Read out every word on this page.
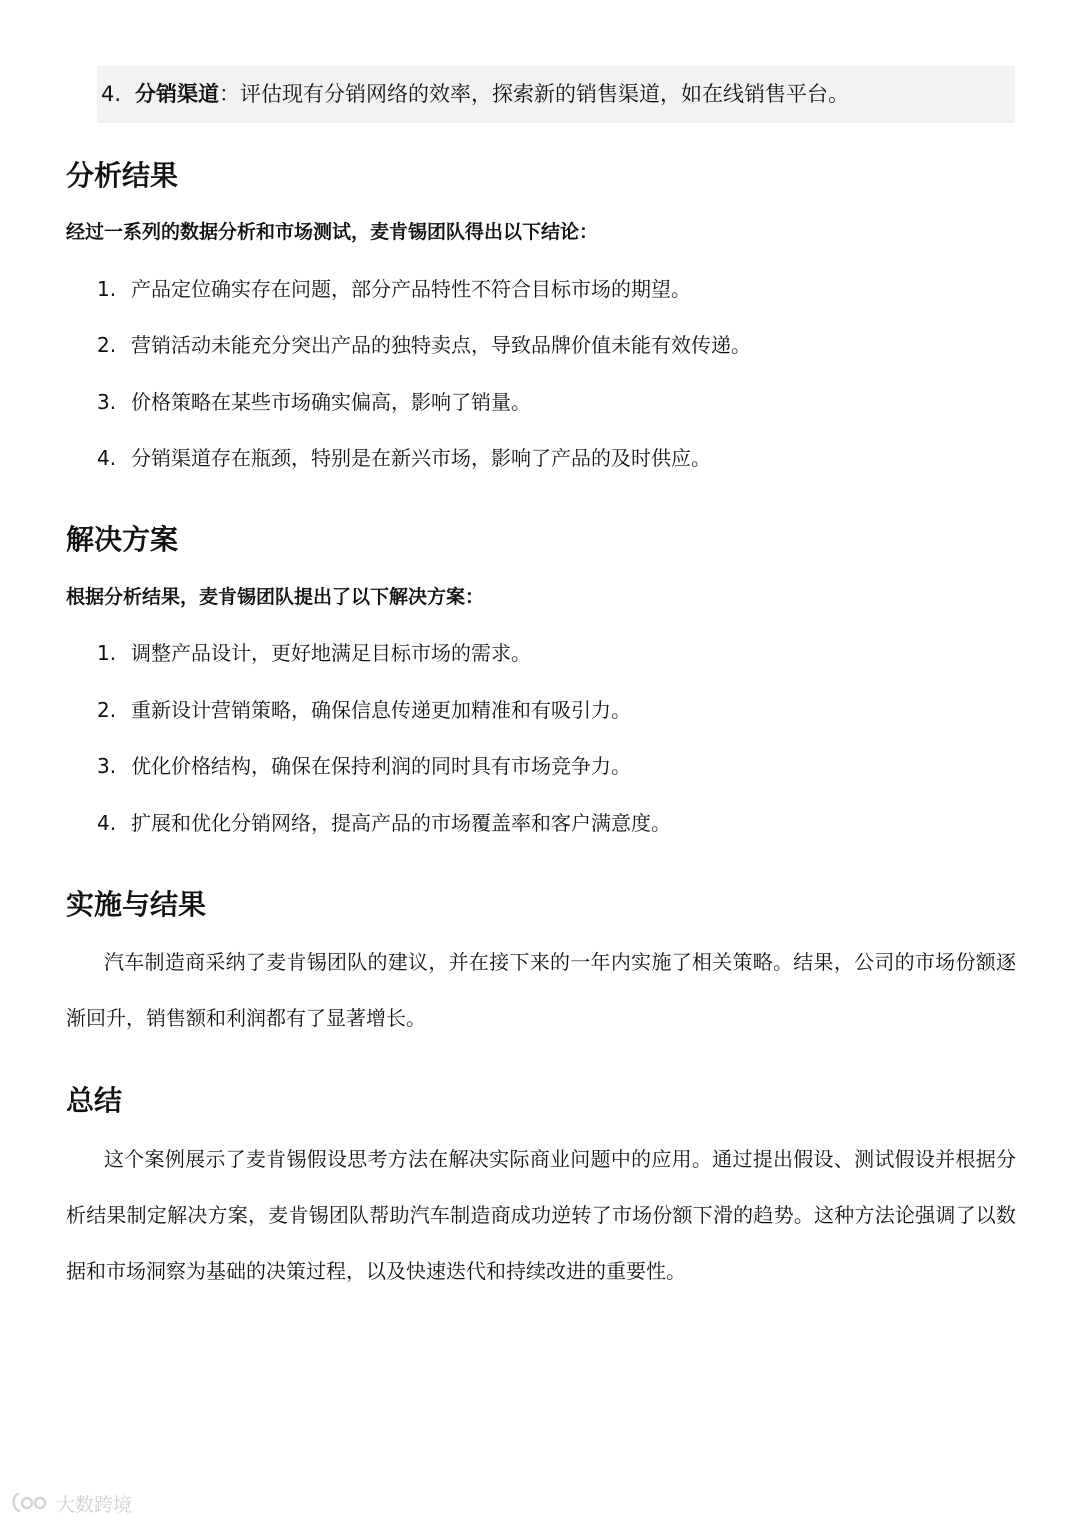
4. 分销渠道：评估现有分销网络的效率，探索新的销售渠道，如在线销售平台。
分析结果
经过一系列的数据分析和市场测试，麦肯锡团队得出以下结论：
1. 产品定位确实存在问题，部分产品特性不符合目标市场的期望。
2. 营销活动未能充分突出产品的独特卖点，导致品牌价值未能有效传递。
3. 价格策略在某些市场确实偏高，影响了销量。
4. 分销渠道存在瓶颈，特别是在新兴市场，影响了产品的及时供应。
解决方案
根据分析结果，麦肯锡团队提出了以下解决方案：
1. 调整产品设计，更好地满足目标市场的需求。
2. 重新设计营销策略，确保信息传递更加精准和有吸引力。
3. 优化价格结构，确保在保持利润的同时具有市场竞争力。
4. 扩展和优化分销网络，提高产品的市场覆盖率和客户满意度。
实施与结果

汽车制造商采纳了麦肯锡团队的建议，并在接下来的一年内实施了相关策略。结果，公司的市场份额逐渐回升，销售额和利润都有了显著增长。

总结

这个案例展示了麦肯锡假设思考方法在解决实际商业问题中的应用。通过提出假设、测试假设并根据分析结果制定解决方案，麦肯锡团队帮助汽车制造商成功逆转了市场份额下滑的趋势。这种方法论强调了以数据和市场洞察为基础的决策过程，以及快速迭代和持续改进的重要性。

大数跨境
